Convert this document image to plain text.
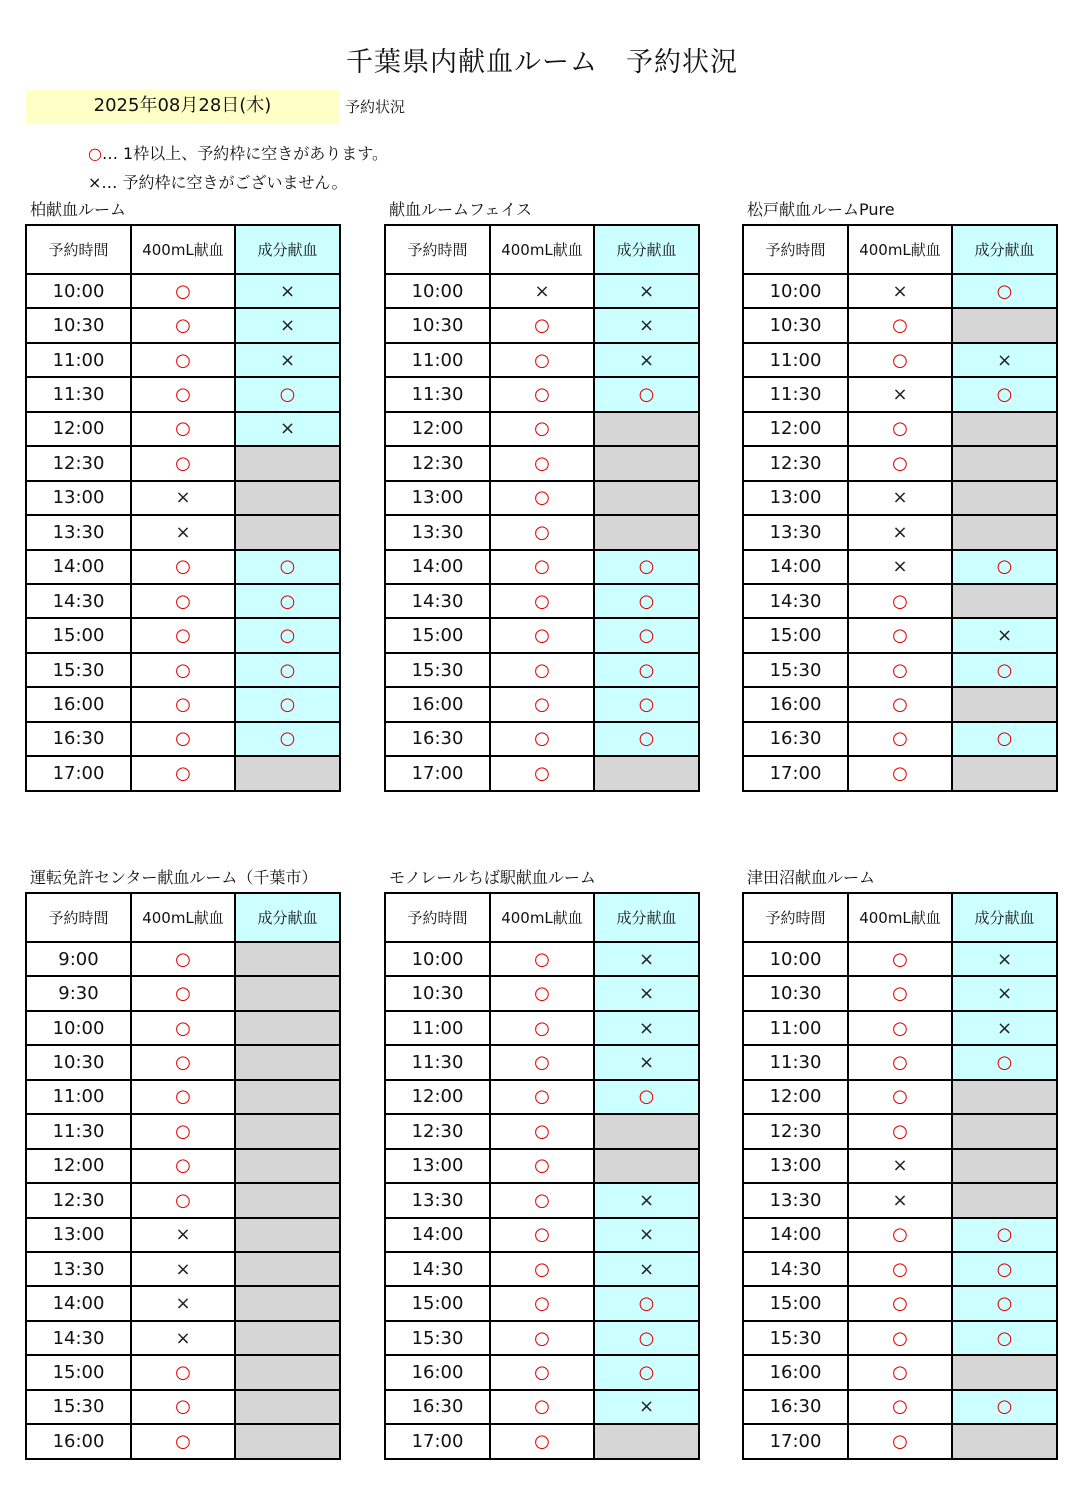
千葉県内献血ルーム　予約状況
2025年08月28日(木)	予約状況
○… 1枠以上、予約枠に空きがあります。
×… 予約枠に空きがございません。
柏献血ルーム
予約時間	400mL献血	成分献血
10:00	○	×
10:30	○	×
11:00	○	×
11:30	○	○
12:00	○	×
12:30	○	
13:00	×	
13:30	×	
14:00	○	○
14:30	○	○
15:00	○	○
15:30	○	○
16:00	○	○
16:30	○	○
17:00	○	
献血ルームフェイス
予約時間	400mL献血	成分献血
10:00	×	×
10:30	○	×
11:00	○	×
11:30	○	○
12:00	○	
12:30	○	
13:00	○	
13:30	○	
14:00	○	○
14:30	○	○
15:00	○	○
15:30	○	○
16:00	○	○
16:30	○	○
17:00	○	
松戸献血ルームPure
予約時間	400mL献血	成分献血
10:00	×	○
10:30	○	
11:00	○	×
11:30	×	○
12:00	○	
12:30	○	
13:00	×	
13:30	×	
14:00	×	○
14:30	○	
15:00	○	×
15:30	○	○
16:00	○	
16:30	○	○
17:00	○	
運転免許センター献血ルーム（千葉市）
予約時間	400mL献血	成分献血
9:00	○	
9:30	○	
10:00	○	
10:30	○	
11:00	○	
11:30	○	
12:00	○	
12:30	○	
13:00	×	
13:30	×	
14:00	×	
14:30	×	
15:00	○	
15:30	○	
16:00	○	
モノレールちば駅献血ルーム
予約時間	400mL献血	成分献血
10:00	○	×
10:30	○	×
11:00	○	×
11:30	○	×
12:00	○	○
12:30	○	
13:00	○	
13:30	○	×
14:00	○	×
14:30	○	×
15:00	○	○
15:30	○	○
16:00	○	○
16:30	○	×
17:00	○	
津田沼献血ルーム
予約時間	400mL献血	成分献血
10:00	○	×
10:30	○	×
11:00	○	×
11:30	○	○
12:00	○	
12:30	○	
13:00	×	
13:30	×	
14:00	○	○
14:30	○	○
15:00	○	○
15:30	○	○
16:00	○	
16:30	○	○
17:00	○	
